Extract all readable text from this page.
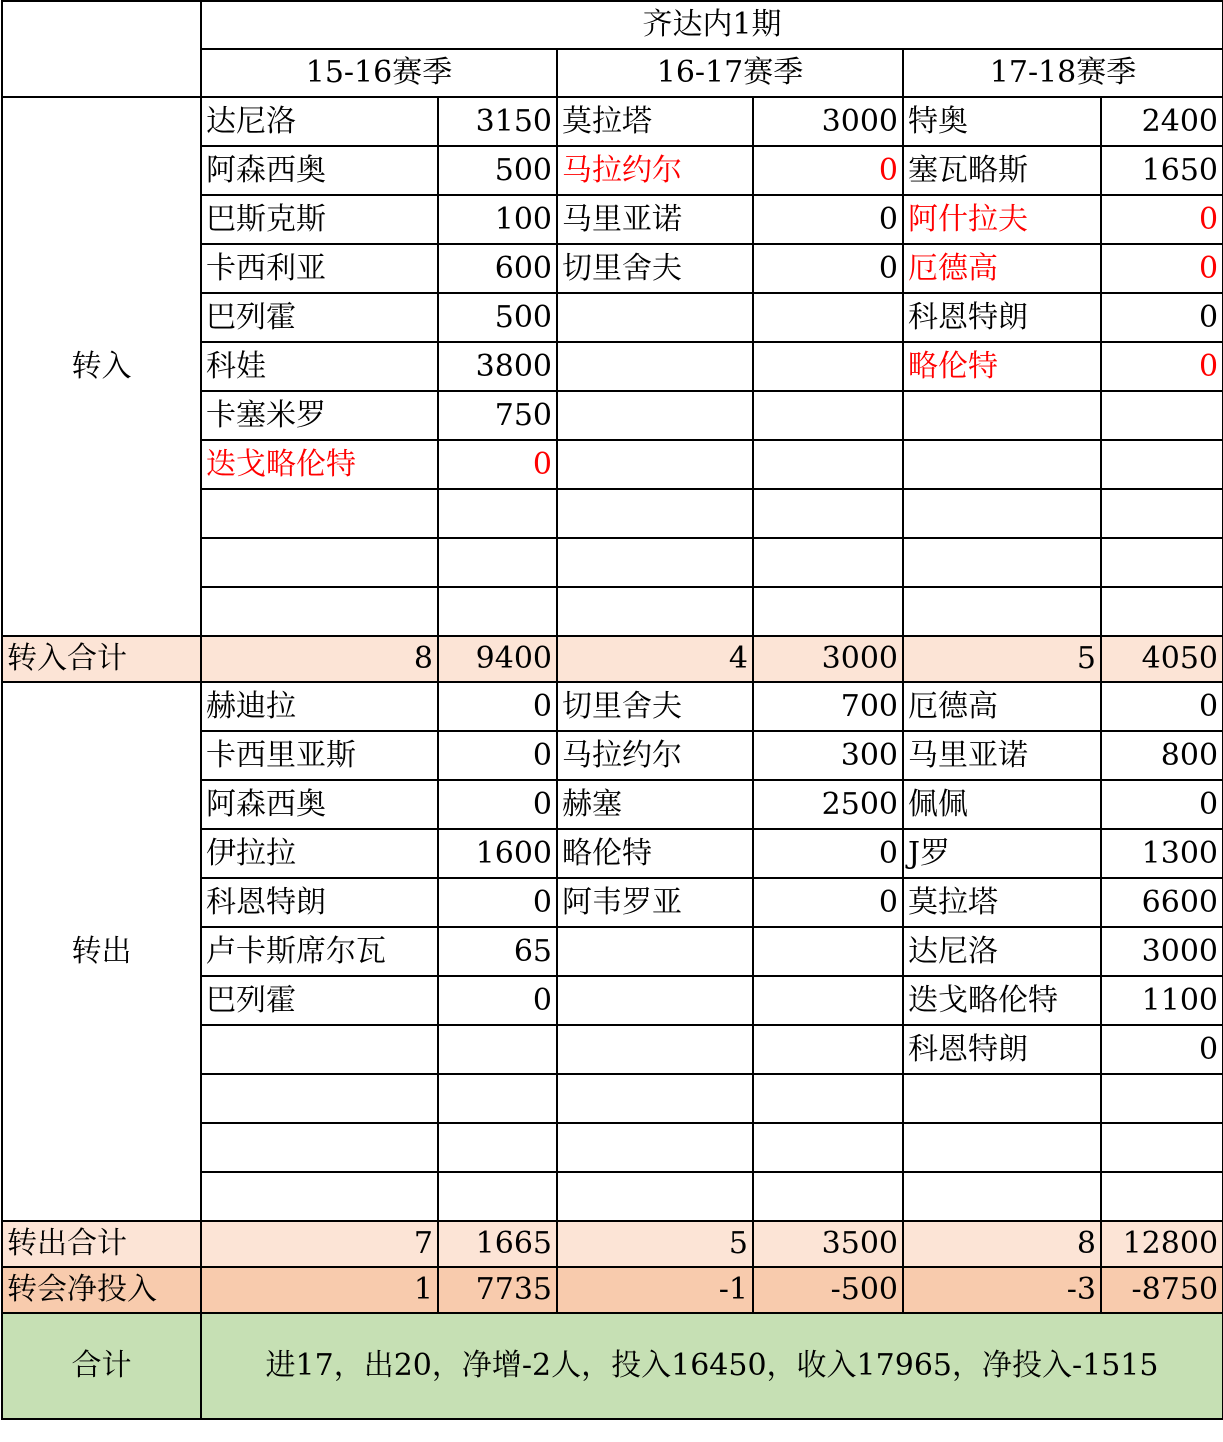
	齐达内1期					
	15-16赛季		16-17赛季		17-18赛季	
转入	达尼洛	3150	莫拉塔	3000	特奥	2400
	阿森西奥	500	马拉约尔	0	塞瓦略斯	1650
	巴斯克斯	100	马里亚诺	0	阿什拉夫	0
	卡西利亚	600	切里舍夫	0	厄德高	0
	巴列霍	500			科恩特朗	0
	科娃	3800			略伦特	0
	卡塞米罗	750				
	迭戈略伦特	0				

转入合计	8	9400	4	3000	5	4050
转出	赫迪拉	0	切里舍夫	700	厄德高	0
	卡西里亚斯	0	马拉约尔	300	马里亚诺	800
	阿森西奥	0	赫塞	2500	佩佩	0
	伊拉拉	1600	略伦特	0	J罗	1300
	科恩特朗	0	阿韦罗亚	0	莫拉塔	6600
	卢卡斯席尔瓦	65			达尼洛	3000
	巴列霍	0			迭戈略伦特	1100
					科恩特朗	0

转出合计	7	1665	5	3500	8	12800
转会净投入	1	7735	-1	-500	-3	-8750
合计	进17，出20，净增-2人，投入16450，收入17965，净投入-1515					
